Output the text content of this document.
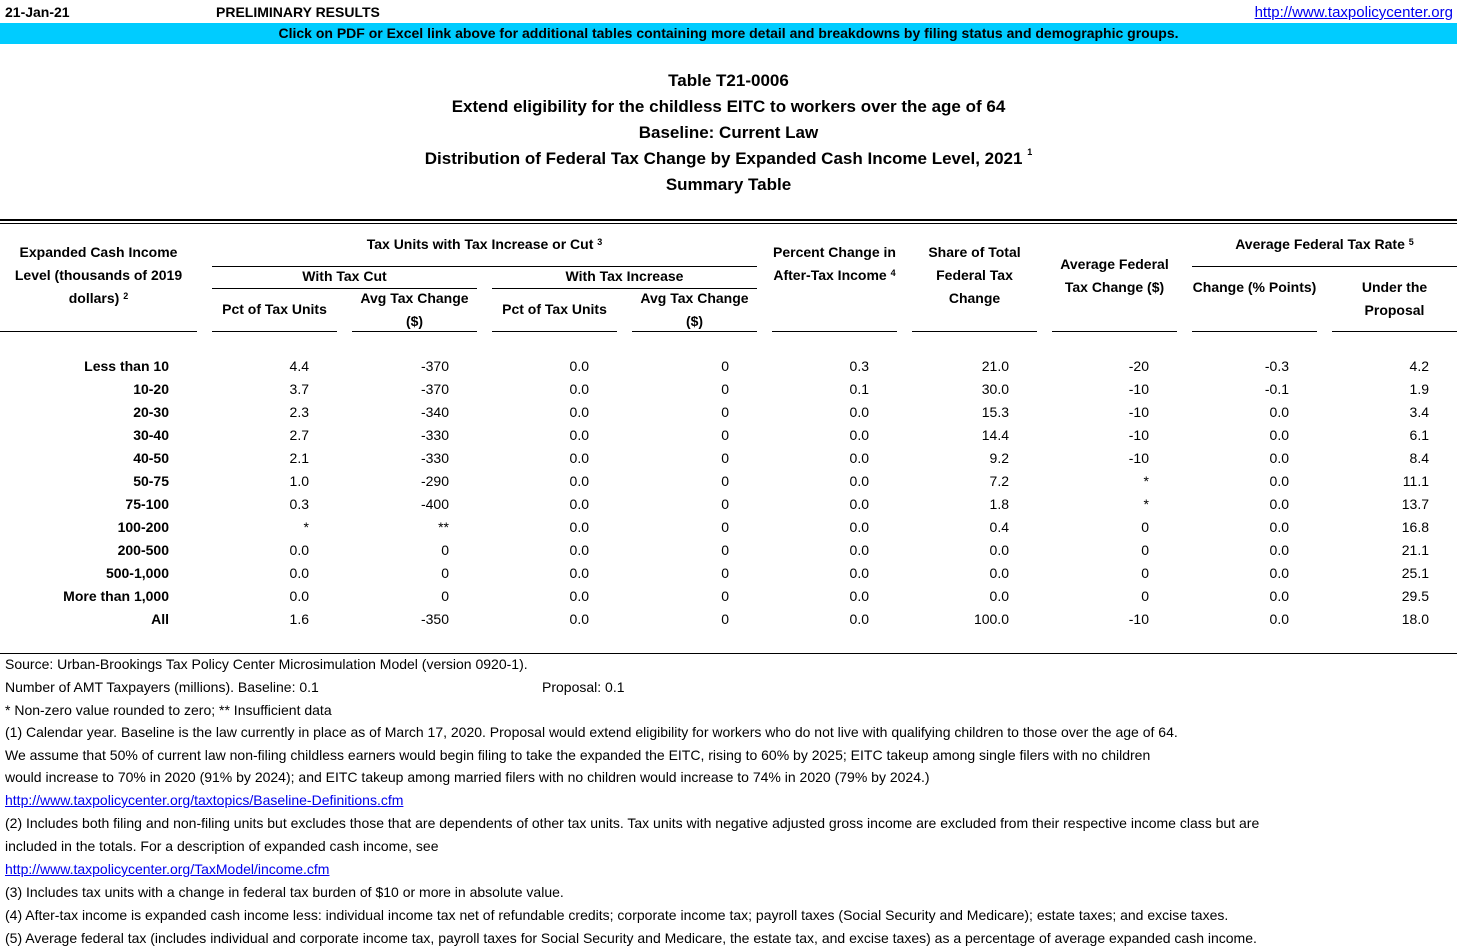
21-Jan-21	PRELIMINARY RESULTS	http://www.taxpolicycenter.org
Click on PDF or Excel link above for additional tables containing more detail and breakdowns by filing status and demographic groups.
Table T21-0006
Extend eligibility for the childless EITC to workers over the age of 64
Baseline: Current Law
Distribution of Federal Tax Change by Expanded Cash Income Level, 2021 $^1$
Summary Table
Expanded Cash Income Level (thousands of 2019 dollars) $^2$
Tax Units with Tax Increase or Cut $^3$
With Tax Cut	With Tax Increase
Pct of Tax Units
Avg Tax Change ($)
Pct of Tax Units
Avg Tax Change ($)
Percent Change in After-Tax Income $^4$
Share of Total Federal Tax Change
Average Federal Tax Change ($)
Average Federal Tax Rate $^5$
Change (% Points)	Under the Proposal
Less than 10	4.4	-370	0.0	0	0.3	21.0	-20	-0.3	4.2
10-20	3.7	-370	0.0	0	0.1	30.0	-10	-0.1	1.9
20-30	2.3	-340	0.0	0	0.0	15.3	-10	0.0	3.4
30-40	2.7	-330	0.0	0	0.0	14.4	-10	0.0	6.1
40-50	2.1	-330	0.0	0	0.0	9.2	-10	0.0	8.4
50-75	1.0	-290	0.0	0	0.0	7.2	*	0.0	11.1
75-100	0.3	-400	0.0	0	0.0	1.8	*	0.0	13.7
100-200	*	**	0.0	0	0.0	0.4	0	0.0	16.8
200-500	0.0	0	0.0	0	0.0	0.0	0	0.0	21.1
500-1,000	0.0	0	0.0	0	0.0	0.0	0	0.0	25.1
More than 1,000	0.0	0	0.0	0	0.0	0.0	0	0.0	29.5
All	1.6	-350	0.0	0	0.0	100.0	-10	0.0	18.0
Source: Urban-Brookings Tax Policy Center Microsimulation Model (version 0920-1).
Number of AMT Taxpayers (millions). Baseline: 0.1	Proposal: 0.1
* Non-zero value rounded to zero; ** Insufficient data
(1) Calendar year. Baseline is the law currently in place as of March 17, 2020. Proposal would extend eligibility for workers who do not live with qualifying children to those over the age of 64.
We assume that 50% of current law non-filing childless earners would begin filing to take the expanded the EITC, rising to 60% by 2025; EITC takeup among single filers with no children
would increase to 70% in 2020 (91% by 2024); and EITC takeup among married filers with no children would increase to 74% in 2020 (79% by 2024.)
http://www.taxpolicycenter.org/taxtopics/Baseline-Definitions.cfm
(2) Includes both filing and non-filing units but excludes those that are dependents of other tax units. Tax units with negative adjusted gross income are excluded from their respective income class but are
included in the totals. For a description of expanded cash income, see
http://www.taxpolicycenter.org/TaxModel/income.cfm
(3) Includes tax units with a change in federal tax burden of $10 or more in absolute value.
(4) After-tax income is expanded cash income less: individual income tax net of refundable credits; corporate income tax; payroll taxes (Social Security and Medicare); estate taxes; and excise taxes.
(5) Average federal tax (includes individual and corporate income tax, payroll taxes for Social Security and Medicare, the estate tax, and excise taxes) as a percentage of average expanded cash income.
